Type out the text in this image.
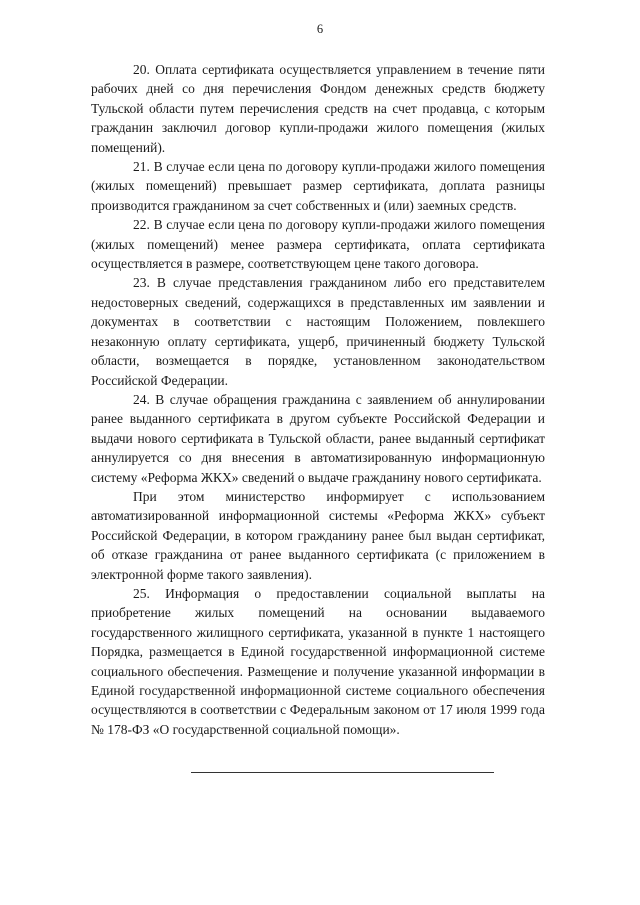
6

20. Оплата сертификата осуществляется управлением в течение пяти рабочих дней со дня перечисления Фондом денежных средств бюджету Тульской области путем перечисления средств на счет продавца, с которым гражданин заключил договор купли-продажи жилого помещения (жилых помещений).

21. В случае если цена по договору купли-продажи жилого помещения (жилых помещений) превышает размер сертификата, доплата разницы производится гражданином за счет собственных и (или) заемных средств.

22. В случае если цена по договору купли-продажи жилого помещения (жилых помещений) менее размера сертификата, оплата сертификата осуществляется в размере, соответствующем цене такого договора.

23. В случае представления гражданином либо его представителем недостоверных сведений, содержащихся в представленных им заявлении и документах в соответствии с настоящим Положением, повлекшего незаконную оплату сертификата, ущерб, причиненный бюджету Тульской области, возмещается в порядке, установленном законодательством Российской Федерации.

24. В случае обращения гражданина с заявлением об аннулировании ранее выданного сертификата в другом субъекте Российской Федерации и выдачи нового сертификата в Тульской области, ранее выданный сертификат аннулируется со дня внесения в автоматизированную информационную систему «Реформа ЖКХ» сведений о выдаче гражданину нового сертификата.

При этом министерство информирует с использованием автоматизированной информационной системы «Реформа ЖКХ» субъект Российской Федерации, в котором гражданину ранее был выдан сертификат, об отказе гражданина от ранее выданного сертификата (с приложением в электронной форме такого заявления).

25. Информация о предоставлении социальной выплаты на приобретение жилых помещений на основании выдаваемого государственного жилищного сертификата, указанной в пункте 1 настоящего Порядка, размещается в Единой государственной информационной системе социального обеспечения. Размещение и получение указанной информации в Единой государственной информационной системе социального обеспечения осуществляются в соответствии с Федеральным законом от 17 июля 1999 года № 178-ФЗ «О государственной социальной помощи».
